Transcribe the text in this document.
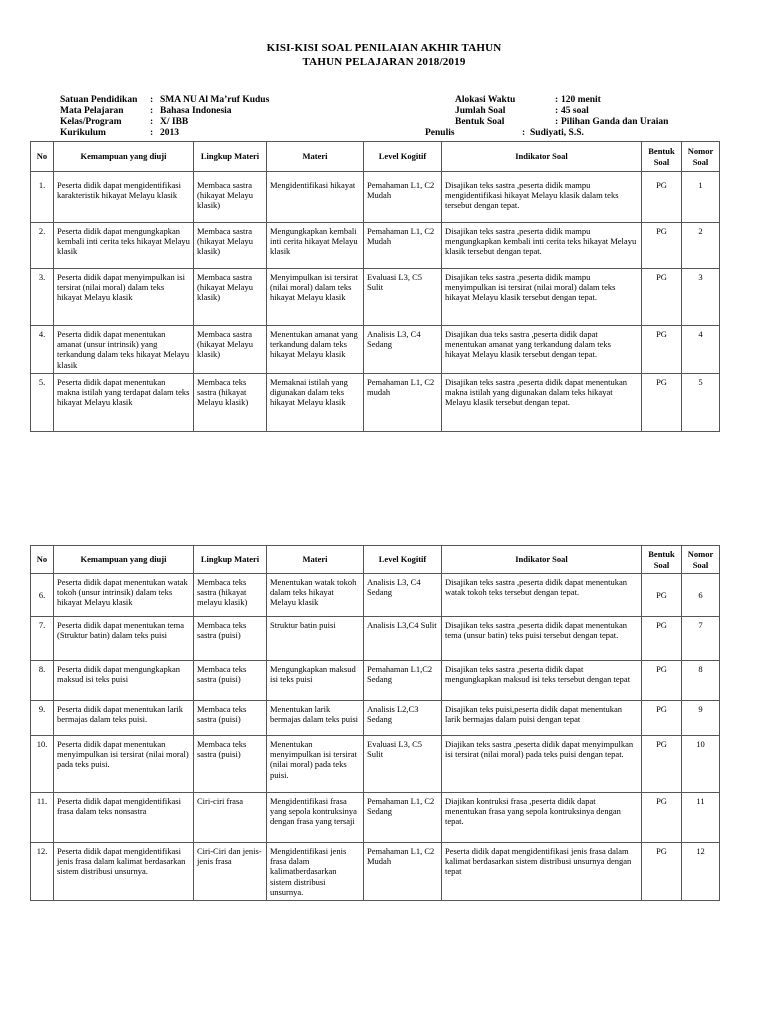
KISI-KISI SOAL PENILAIAN AKHIR TAHUN
TAHUN PELAJARAN 2018/2019
Satuan Pendidikan : SMA NU Al Ma’ruf Kudus
Mata Pelajaran	: Bahasa Indonesia
Kelas/Program	: X/ IBB
Kurikulum	: 2013
Alokasi Waktu	: 120 menit
Jumlah Soal	: 45 soal
Bentuk Soal	: Pilihan Ganda dan Uraian
Penulis	: Sudiyati, S.S.
No	Kemampuan yang diuji	Lingkup Materi	Materi	Level Kogitif	Indikator Soal	Bentuk Soal	Nomor Soal
1.	Peserta didik dapat mengidentifikasi karakteristik hikayat Melayu klasik	Membaca sastra (hikayat Melayu klasik)	Mengidentifikasi hikayat	Pemahaman L1, C2 Mudah	Disajikan teks sastra ,peserta didik mampu mengidentifikasi hikayat Melayu klasik dalam teks tersebut dengan tepat.	PG	1
2.	Peserta didik dapat mengungkapkan kembali inti cerita teks hikayat Melayu klasik	Membaca sastra (hikayat Melayu klasik)	Mengungkapkan kembali inti cerita hikayat Melayu klasik	Pemahaman L1, C2 Mudah	Disajikan teks sastra ,peserta didik mampu mengungkapkan kembali inti cerita teks hikayat Melayu klasik tersebut dengan tepat.	PG	2
3.	Peserta didik dapat menyimpulkan isi tersirat (nilai moral) dalam teks hikayat Melayu klasik	Membaca sastra (hikayat Melayu klasik)	Menyimpulkan isi tersirat (nilai moral) dalam teks hikayat Melayu klasik	Evaluasi L3, C5 Sulit	Disajikan teks sastra ,peserta didik mampu menyimpulkan isi tersirat (nilai moral) dalam teks hikayat Melayu klasik tersebut dengan tepat.	PG	3
4.	Peserta didik dapat menentukan amanat (unsur intrinsik) yang terkandung dalam teks hikayat Melayu klasik	Membaca sastra (hikayat Melayu klasik)	Menentukan amanat yang terkandung dalam teks hikayat Melayu klasik	Analisis L3, C4 Sedang	Disajikan dua teks sastra ,peserta didik dapat menentukan amanat yang terkandung dalam teks hikayat Melayu klasik tersebut dengan tepat.	PG	4
5.	Peserta didik dapat menentukan makna istilah yang terdapat dalam teks hikayat Melayu klasik	Membaca teks sastra (hikayat Melayu klasik)	Memaknai istilah yang digunakan dalam teks hikayat Melayu klasik	Pemahaman L1, C2 mudah	Disajikan teks sastra ,peserta didik dapat menentukan makna istilah yang digunakan dalam teks hikayat Melayu klasik tersebut dengan tepat.	PG	5
No	Kemampuan yang diuji	Lingkup Materi	Materi	Level Kogitif	Indikator Soal	Bentuk Soal	Nomor Soal
6.	Peserta didik dapat menentukan watak tokoh (unsur intrinsik) dalam teks hikayat Melayu klasik	Membaca teks sastra (hikayat melayu klasik)	Menentukan watak tokoh dalam teks hikayat Melayu klasik	Analisis L3, C4 Sedang	Disajikan teks sastra ,peserta didik dapat menentukan watak tokoh teks tersebut dengan tepat.	PG	6
7.	Peserta didik dapat menentukan tema (Struktur batin) dalam teks puisi	Membaca teks sastra (puisi)	Struktur batin puisi	Analisis L3,C4 Sulit	Disajikan teks sastra ,peserta didik dapat menentukan tema (unsur batin) teks puisi tersebut dengan tepat.	PG	7
8.	Peserta didik dapat mengungkapkan maksud isi teks puisi	Membaca teks sastra (puisi)	Mengungkapkan maksud isi teks puisi	Pemahaman L1,C2 Sedang	Disajikan teks sastra ,peserta didik dapat mengungkapkan maksud isi teks tersebut dengan tepat	PG	8
9.	Peserta didik dapat menentukan larik bermajas dalam teks puisi.	Membaca teks sastra (puisi)	Menentukan larik bermajas dalam teks puisi	Analisis L2,C3 Sedang	Disajikan teks puisi,peserta didik dapat menentukan larik bermajas dalam puisi dengan tepat	PG	9
10.	Peserta didik dapat menentukan menyimpulkan isi tersirat (nilai moral) pada teks puisi.	Membaca teks sastra (puisi)	Menentukan menyimpulkan isi tersirat (nilai moral) pada teks puisi.	Evaluasi L3, C5 Sulit	Diajikan teks sastra ,peserta didik dapat menyimpulkan isi tersirat (nilai moral) pada teks puisi dengan tepat.	PG	10
11.	Peserta didik dapat mengidentifikasi frasa dalam teks nonsastra	Ciri-ciri frasa	Mengidentifikasi frasa yang sepola kontruksinya dengan frasa yang tersaji	Pemahaman L1, C2 Sedang	Diajikan kontruksi frasa ,peserta didik dapat menentukan frasa yang sepola kontruksinya dengan tepat.	PG	11
12.	Peserta didik dapat mengidentifikasi jenis frasa dalam kalimat berdasarkan sistem distribusi unsurnya.	Ciri-Ciri dan jenis-jenis frasa	Mengidentifikasi jenis frasa dalam kalimatberdasarkan sistem distribusi unsurnya.	Pemahaman L1, C2 Mudah	Peserta didik dapat mengidentifikasi jenis frasa dalam kalimat berdasarkan sistem distribusi unsurnya dengan tepat	PG	12
